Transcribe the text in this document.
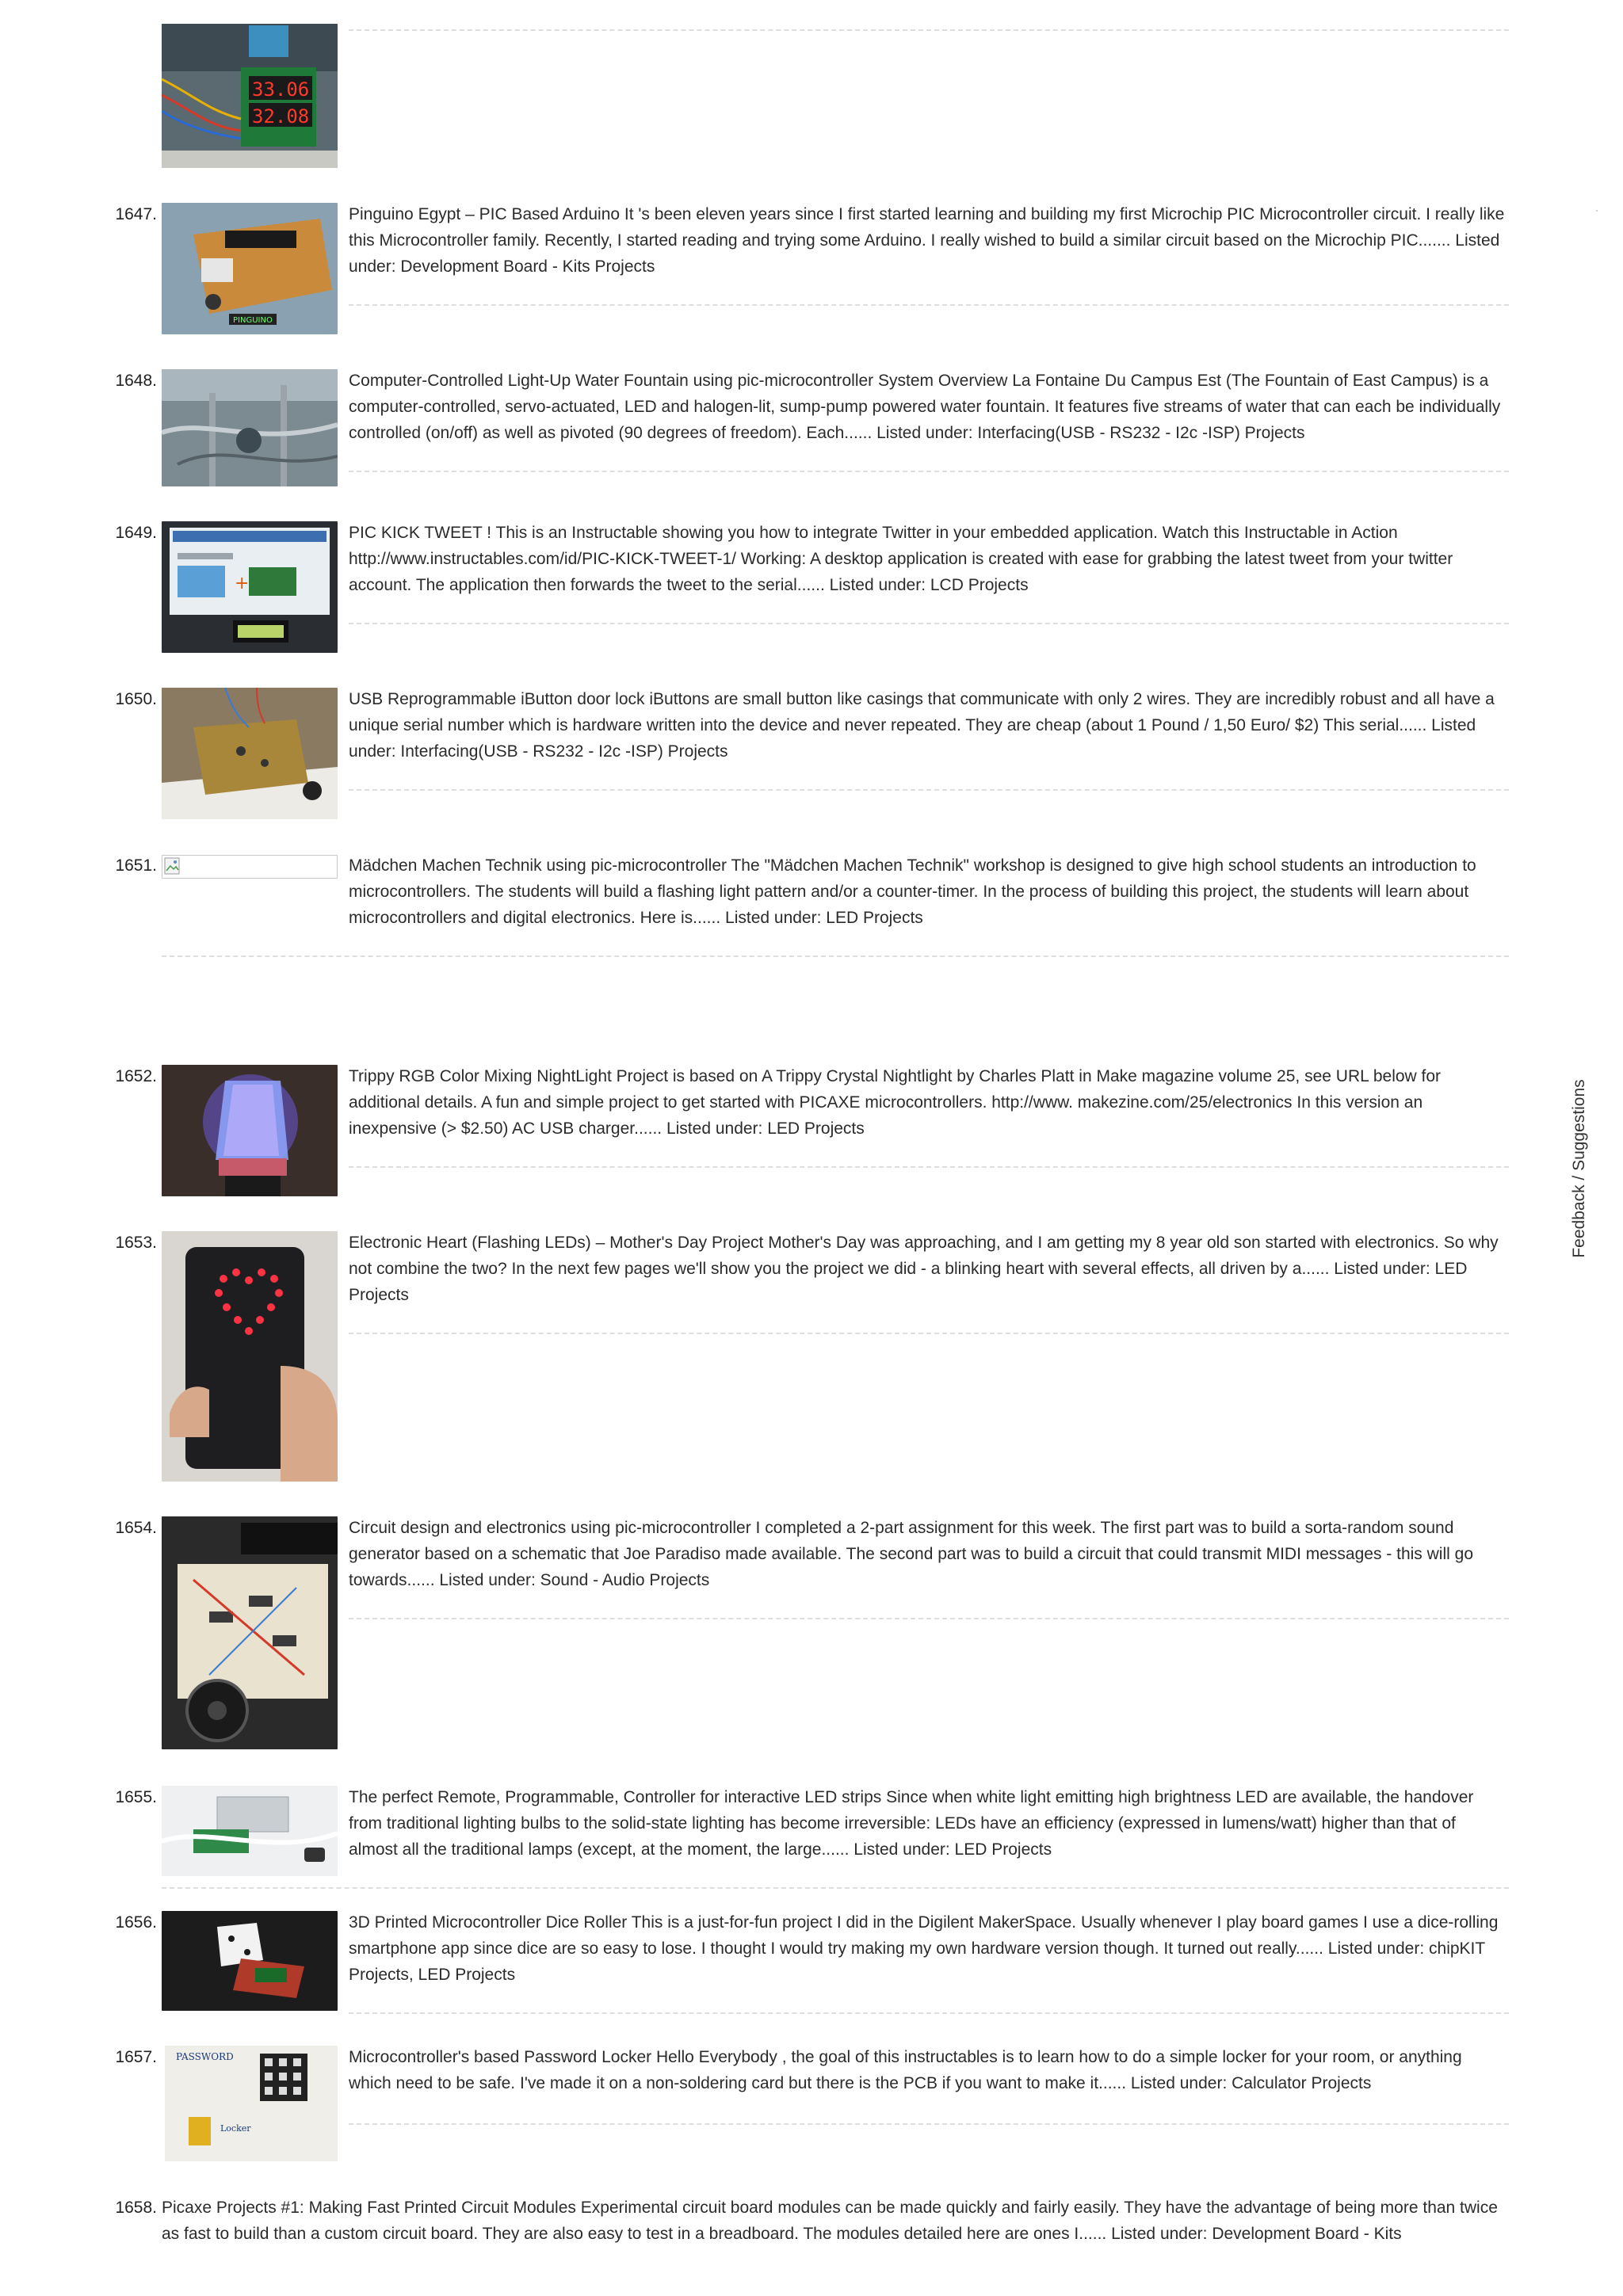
33.06
32.08
1647.
PINGUINO
Pinguino Egypt – PIC Based Arduino It 's been eleven years since I first started learning and building my first Microchip PIC Microcontroller circuit. I really like this Microcontroller family. Recently, I started reading and trying some Arduino. I really wished to build a similar circuit based on the Microchip PIC....... Listed under: Development Board - Kits Projects
1648.	Computer-Controlled Light-Up Water Fountain using pic-microcontroller System Overview La Fontaine Du Campus Est (The Fountain of East Campus) is a computer-controlled, servo-actuated, LED and halogen-lit, sump-pump powered water fountain. It features five streams of water that can each be individually controlled (on/off) as well as pivoted (90 degrees of freedom). Each...... Listed under: Interfacing(USB - RS232 - I2c -ISP) Projects
1649.
+
PIC KICK TWEET ! This is an Instructable showing you how to integrate Twitter in your embedded application. Watch this Instructable in Action http://www.instructables.com/id/PIC-KICK-TWEET-1/ Working: A desktop application is created with ease for grabbing the latest tweet from your twitter account. The application then forwards the tweet to the serial...... Listed under: LCD Projects
1650.	USB Reprogrammable iButton door lock iButtons are small button like casings that communicate with only 2 wires. They are incredibly robust and all have a unique serial number which is hardware written into the device and never repeated. They are cheap (about 1 Pound / 1,50 Euro/ $2) This serial...... Listed under: Interfacing(USB - RS232 - I2c -ISP) Projects
1651.	Mädchen Machen Technik using pic-microcontroller The "Mädchen Machen Technik" workshop is designed to give high school students an introduction to microcontrollers. The students will build a flashing light pattern and/or a counter-timer. In the process of building this project, the students will learn about microcontrollers and digital electronics. Here is...... Listed under: LED Projects
1652.	Trippy RGB Color Mixing NightLight Project is based on A Trippy Crystal Nightlight by Charles Platt in Make magazine volume 25, see URL below for additional details. A fun and simple project to get started with PICAXE microcontrollers. http://www. makezine.com/25/electronics In this version an inexpensive (> $2.50) AC USB charger...... Listed under: LED Projects
1653.	Electronic Heart (Flashing LEDs) – Mother's Day Project Mother's Day was approaching, and I am getting my 8 year old son started with electronics. So why not combine the two? In the next few pages we'll show you the project we did - a blinking heart with several effects, all driven by a...... Listed under: LED Projects
1654.	Circuit design and electronics using pic-microcontroller I completed a 2-part assignment for this week. The first part was to build a sorta-random sound generator based on a schematic that Joe Paradiso made available. The second part was to build a circuit that could transmit MIDI messages - this will go towards...... Listed under: Sound - Audio Projects
1655.	The perfect Remote, Programmable, Controller for interactive LED strips Since when white light emitting high brightness LED are available, the handover from traditional lighting bulbs to the solid-state lighting has become irreversible: LEDs have an efficiency (expressed in lumens/watt) higher than that of almost all the traditional lamps (except, at the moment, the large...... Listed under: LED Projects
1656.	3D Printed Microcontroller Dice Roller This is a just-for-fun project I did in the Digilent MakerSpace. Usually whenever I play board games I use a dice-rolling smartphone app since dice are so easy to lose. I thought I would try making my own hardware version though. It turned out really...... Listed under: chipKIT Projects, LED Projects
1657. PASSWORD
Locker
Microcontroller's based Password Locker Hello Everybody , the goal of this instructables is to learn how to do a simple locker for your room, or anything which need to be safe. I've made it on a non-soldering card but there is the PCB if you want to make it...... Listed under: Calculator Projects
1658. Picaxe Projects #1: Making Fast Printed Circuit Modules Experimental circuit board modules can be made quickly and fairly easily. They have the advantage of being more than twice as fast to build than a custom circuit board. They are also easy to test in a breadboard. The modules detailed here are ones I...... Listed under: Development Board - Kits
Feedback / Suggestions
